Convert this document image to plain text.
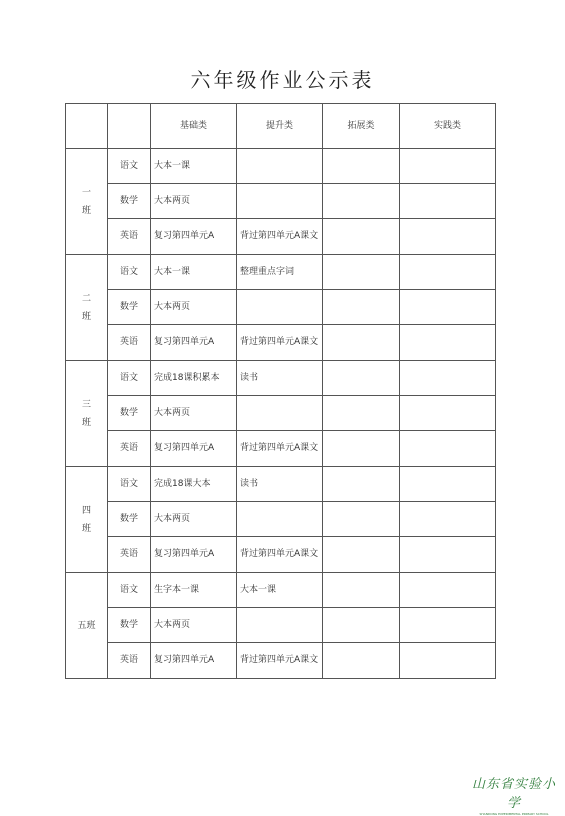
六年级作业公示表
		基础类	提升类	拓展类	实践类
一班	语文	大本一课			
	数学	大本两页			
	英语	复习第四单元A	背过第四单元A课文		
二班	语文	大本一课	整理重点字词		
	数学	大本两页			
	英语	复习第四单元A	背过第四单元A课文		
三班	语文	完成18课积累本	读书		
	数学	大本两页			
	英语	复习第四单元A	背过第四单元A课文		
四班	语文	完成18课大本	读书		
	数学	大本两页			
	英语	复习第四单元A	背过第四单元A课文		
五班	语文	生字本一课	大本一课		
	数学	大本两页			
	英语	复习第四单元A	背过第四单元A课文		
山东省实验小学
SHANDONG EXPERIMENTAL PRIMARY SCHOOL
